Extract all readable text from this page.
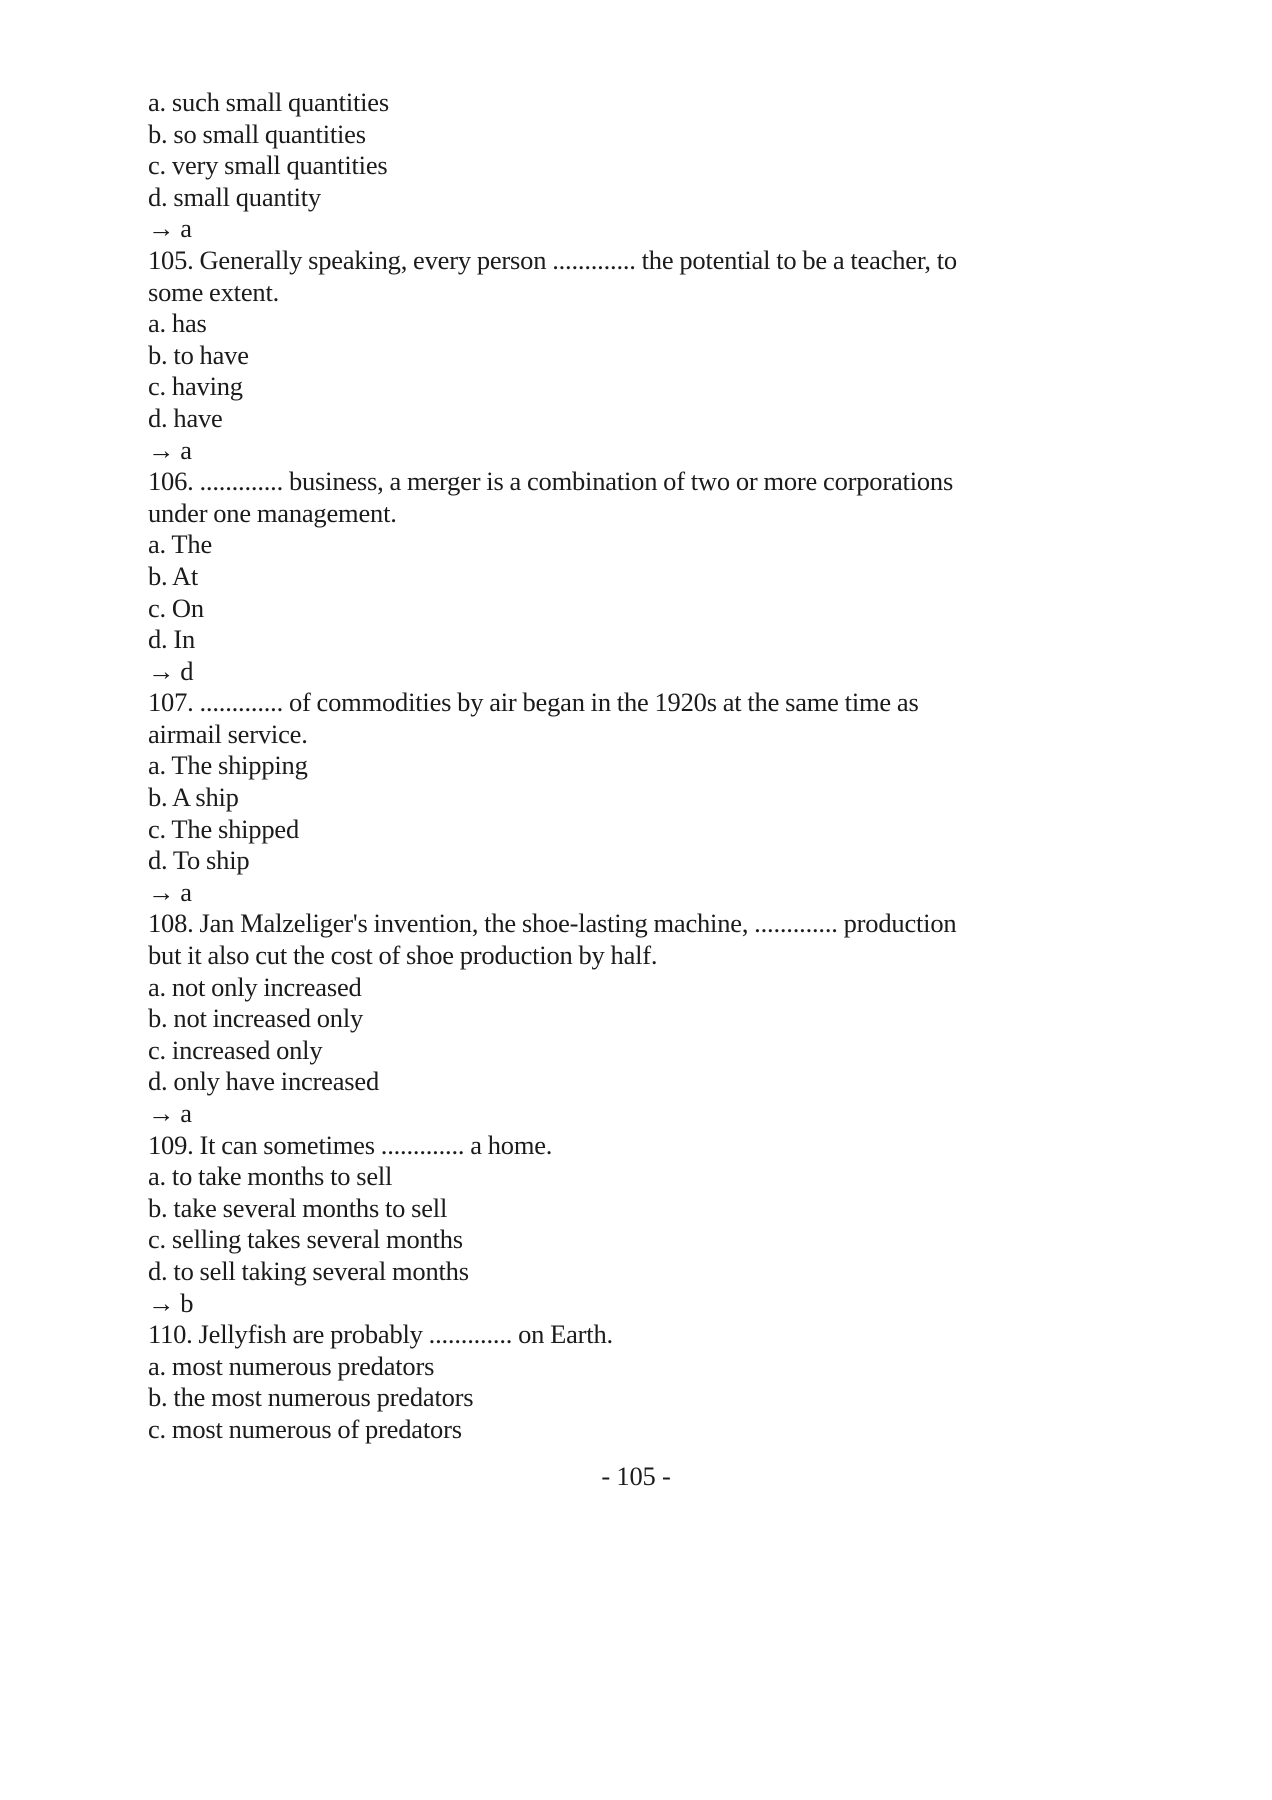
a. such small quantities
b. so small quantities
c. very small quantities
d. small quantity
→ a
105. Generally speaking, every person ............. the potential to be a teacher, to
some extent.
a. has
b. to have
c. having
d. have
→ a
106. ............. business, a merger is a combination of two or more corporations
under one management.
a. The
b. At
c. On
d. In
→ d
107. ............. of commodities by air began in the 1920s at the same time as
airmail service.
a. The shipping
b. A ship
c. The shipped
d. To ship
→ a
108. Jan Malzeliger's invention, the shoe-lasting machine, ............. production
but it also cut the cost of shoe production by half.
a. not only increased
b. not increased only
c. increased only
d. only have increased
→ a
109. It can sometimes ............. a home.
a. to take months to sell
b. take several months to sell
c. selling takes several months
d. to sell taking several months
→ b
110. Jellyfish are probably ............. on Earth.
a. most numerous predators
b. the most numerous predators
c. most numerous of predators
- 105 -
